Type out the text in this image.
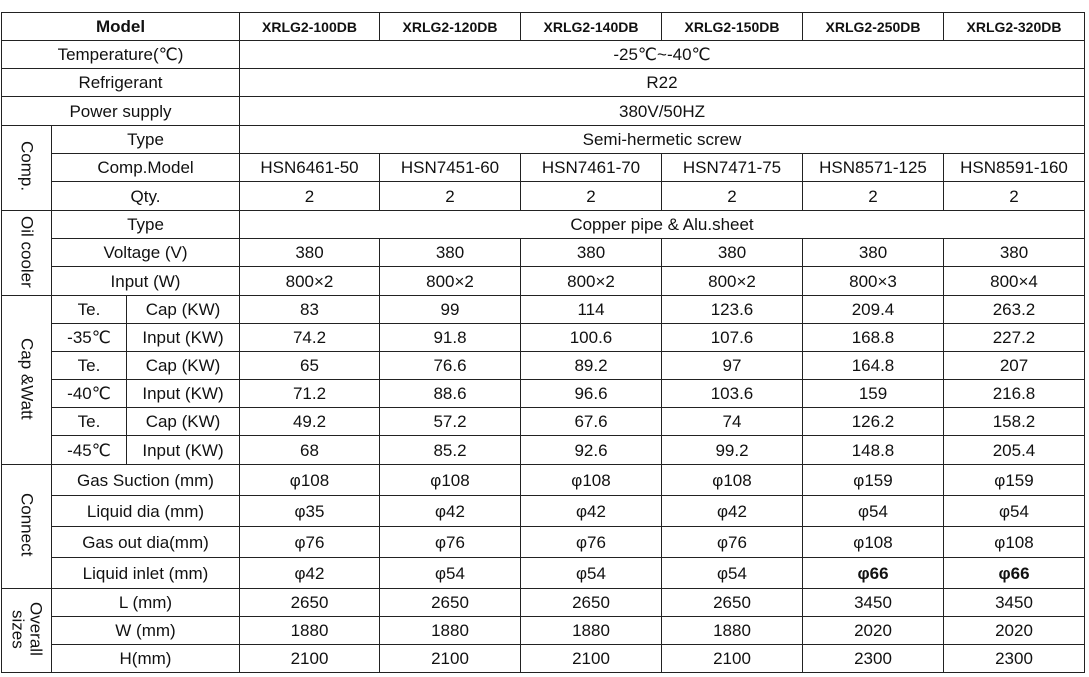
Model			XRLG2-100DB	XRLG2-120DB	XRLG2-140DB	XRLG2-150DB	XRLG2-250DB	XRLG2-320DB
Temperature(℃)			-25℃~-40℃					
Refrigerant			R22					
Power supply			380V/50HZ					
Comp.	Type		Semi-hermetic screw					
	Comp.Model		HSN6461-50	HSN7451-60	HSN7461-70	HSN7471-75	HSN8571-125	HSN8591-160
	Qty.		2	2	2	2	2	2
Oil cooler	Type		Copper pipe & Alu.sheet					
	Voltage (V)		380	380	380	380	380	380
	Input (W)		800×2	800×2	800×2	800×2	800×3	800×4
Cap &Watt	Te.	Cap (KW)	83	99	114	123.6	209.4	263.2
	-35℃	Input (KW)	74.2	91.8	100.6	107.6	168.8	227.2
	Te.	Cap (KW)	65	76.6	89.2	97	164.8	207
	-40℃	Input (KW)	71.2	88.6	96.6	103.6	159	216.8
	Te.	Cap (KW)	49.2	57.2	67.6	74	126.2	158.2
	-45℃	Input (KW)	68	85.2	92.6	99.2	148.8	205.4
Connect	Gas Suction (mm)		φ108	φ108	φ108	φ108	φ159	φ159
	Liquid dia (mm)		φ35	φ42	φ42	φ42	φ54	φ54
	Gas out dia(mm)		φ76	φ76	φ76	φ76	φ108	φ108
	Liquid inlet (mm)		φ42	φ54	φ54	φ54	φ66	φ66
Overall sizes	L (mm)		2650	2650	2650	2650	3450	3450
	W (mm)		1880	1880	1880	1880	2020	2020
	H(mm)		2100	2100	2100	2100	2300	2300
